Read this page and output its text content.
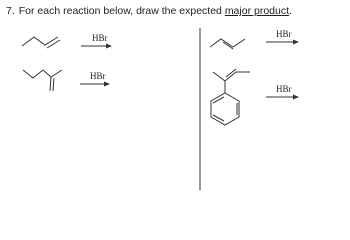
7. For each reaction below, draw the expected major product.
HBr	HBr
HBr
HBr
